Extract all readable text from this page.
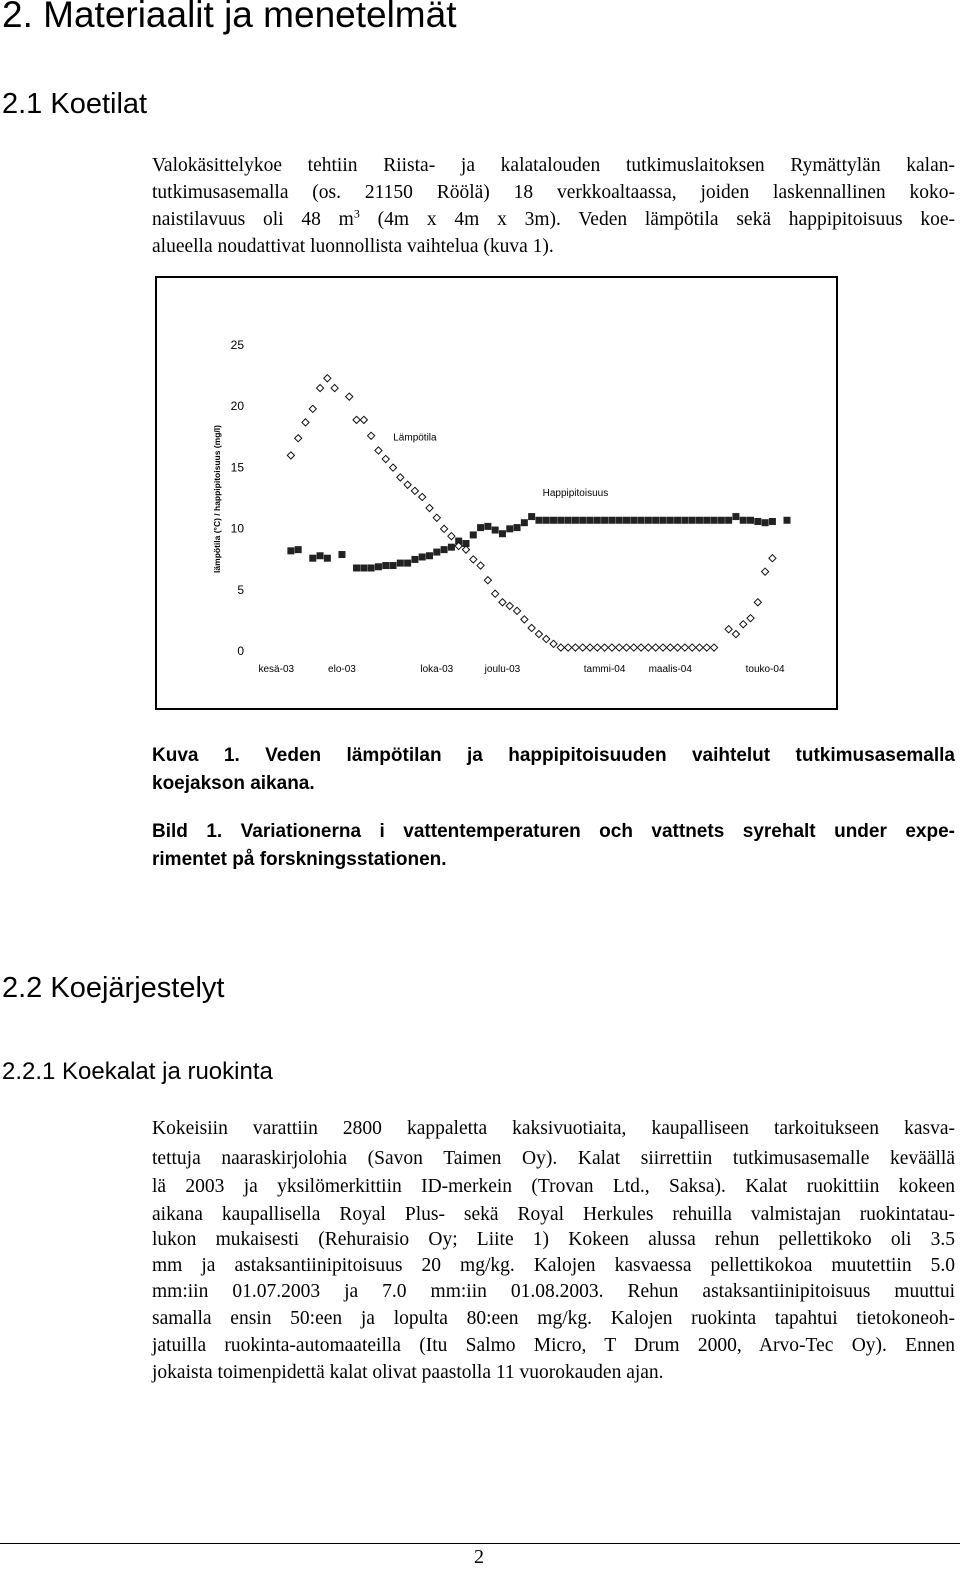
2. Materiaalit ja menetelmät
2.1 Koetilat
Valokäsittelykoe tehtiin Riista- ja kalatalouden tutkimuslaitoksen Rymättylän kalan-
tutkimusasemalla (os. 21150 Röölä) 18 verkkoaltaassa, joiden laskennallinen koko-
naistilavuus oli 48 $m^3$ (4m x 4m x 3m). Veden lämpötila sekä happipitoisuus koe-
alueella noudattivat luonnollista vaihtelua (kuva 1).
0
5
10
15
20
25
kesä-03	elo-03	loka-03	joulu-03	tammi-04 maalis-04	touko-04
lämpötila (°C) / happipitoisuus (mg/l)	Lämpötila
Happipitoisuus
Kuva 1. Veden lämpötilan ja happipitoisuuden vaihtelut tutkimusasemalla
koejakson aikana.
Bild 1. Variationerna i vattentemperaturen och vattnets syrehalt under expe-
rimentet på forskningsstationen.
2.2 Koejärjestelyt
2.2.1 Koekalat ja ruokinta
Kokeisiin varattiin 2800 kappaletta kaksivuotiaita, kaupalliseen tarkoitukseen kasva-
tettuja naaraskirjolohia (Savon Taimen Oy). Kalat siirrettiin tutkimusasemalle keväällä
lä 2003 ja yksilömerkittiin ID-merkein (Trovan Ltd., Saksa). Kalat ruokittiin kokeen
aikana kaupallisella Royal Plus- sekä Royal Herkules rehuilla valmistajan ruokintatau-
lukon mukaisesti (Rehuraisio Oy; Liite 1) Kokeen alussa rehun pellettikoko oli 3.5
mm ja astaksantiinipitoisuus 20 mg/kg. Kalojen kasvaessa pellettikokoa muutettiin 5.0
mm:iin 01.07.2003 ja 7.0 mm:iin 01.08.2003. Rehun astaksantiinipitoisuus muuttui
samalla ensin 50:een ja lopulta 80:een mg/kg. Kalojen ruokinta tapahtui tietokoneoh-
jatuilla ruokinta-automaateilla (Itu Salmo Micro, T Drum 2000, Arvo-Tec Oy). Ennen
jokaista toimenpidettä kalat olivat paastolla 11 vuorokauden ajan.
2
